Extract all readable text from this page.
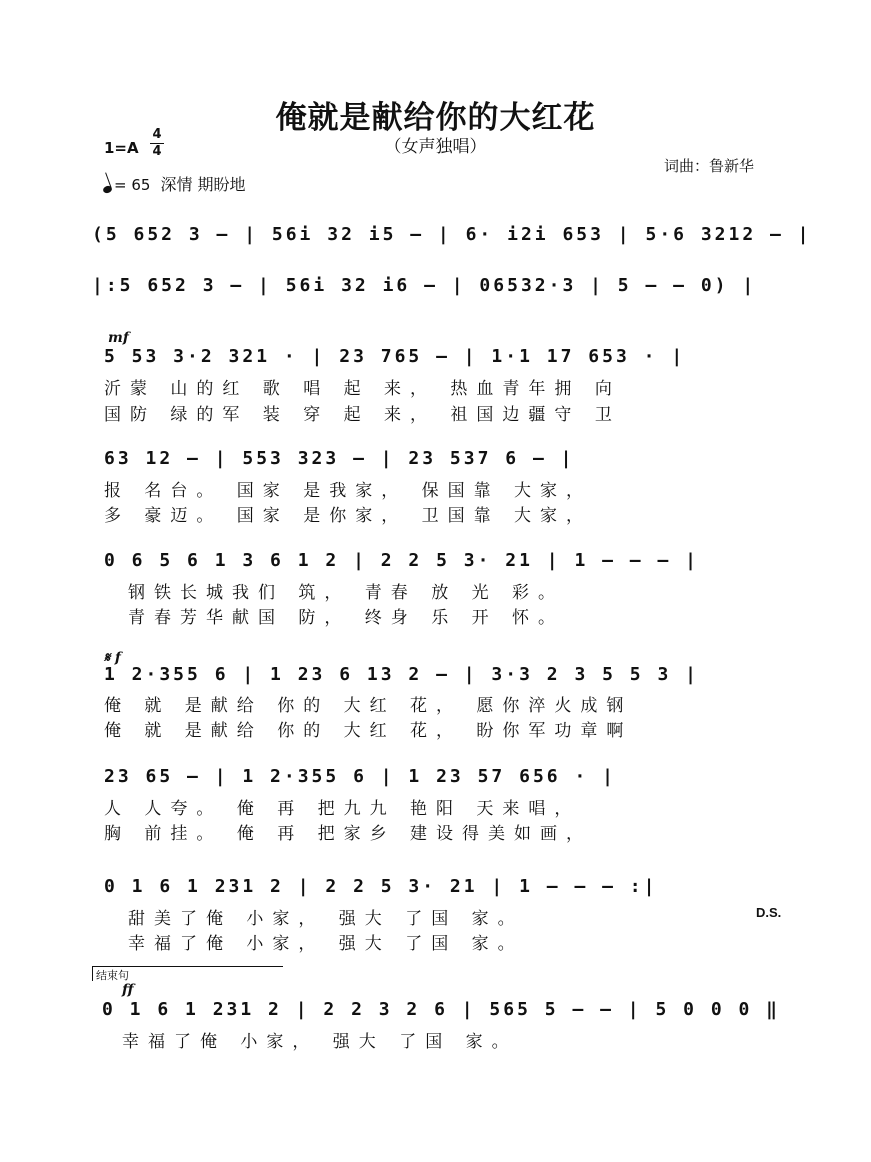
俺就是献给你的大红花
（女声独唱）
1=A
4
4
词曲：鲁新华
= 65 深情 期盼地
(5 652 3 – | 56i 32 i5 – | 6· i2i 653 | 5·6 3212 – |
|:5 652 3 – | 56i 32 i6 – | 06532·3 | 5 – – 0) |
mf
5 53 3·2 321 · | 23 765 – | 1·1 17 653 · |
沂蒙 山的红 歌 唱 起 来， 热血青年拥 向
国防 绿的军 装 穿 起 来， 祖国边疆守 卫
63 12 – | 553 323 – | 23 537 6 – |
报 名台。 国家 是我家， 保国靠 大家，
多 豪迈。 国家 是你家， 卫国靠 大家，
0 6 5 6 1 3 6 1 2 | 2 2 5 3· 21 | 1 – – – |
钢铁长城我们 筑， 青春 放 光 彩。
青春芳华献国 防， 终身 乐 开 怀。
𝄋 f
1 2·355 6 | 1 23 6 13 2 – | 3·3 2 3 5 5 3 |
俺 就 是献给 你的 大红 花， 愿你淬火成钢
俺 就 是献给 你的 大红 花， 盼你军功章啊
23 65 – | 1 2·355 6 | 1 23 57 656 · |
人 人夸。 俺 再 把九九 艳阳 天来唱，
胸 前挂。 俺 再 把家乡 建设得美如画，
0 1 6 1 231 2 | 2 2 5 3· 21 | 1 – – – :|
D.S.
甜美了俺 小家， 强大 了国 家。
幸福了俺 小家， 强大 了国 家。
结束句
ff
0 1 6 1 231 2 | 2 2 3 2 6 | 565 5 – – | 5 0 0 0 ‖
幸福了俺 小家， 强大 了国 家。
